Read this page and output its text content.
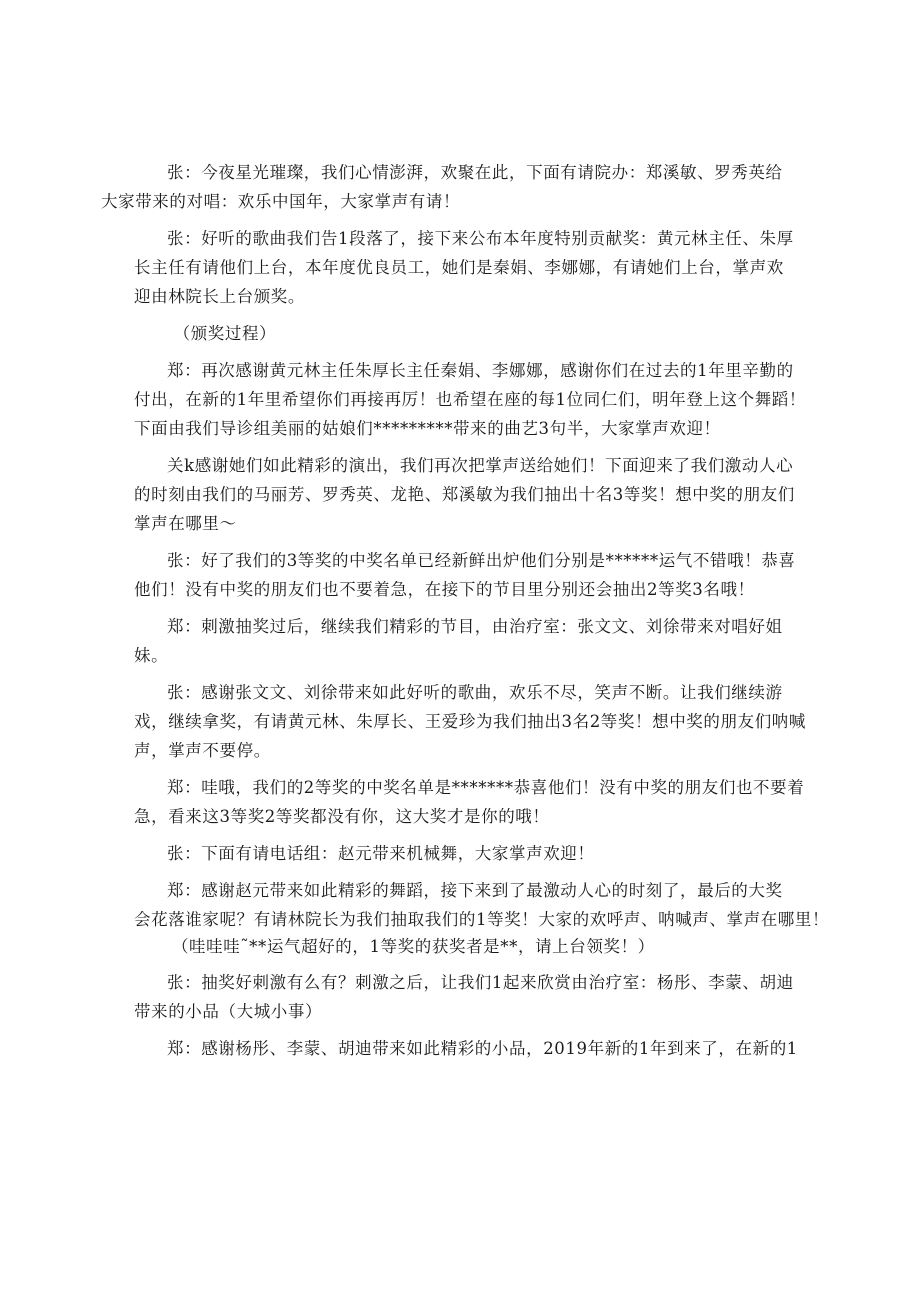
张：今夜星光璀璨，我们心情澎湃，欢聚在此，下面有请院办：郑溪敏、罗秀英给
大家带来的对唱：欢乐中国年，大家掌声有请！
张：好听的歌曲我们告1段落了，接下来公布本年度特别贡献奖：黄元林主任、朱厚
长主任有请他们上台，本年度优良员工，她们是秦娟、李娜娜，有请她们上台，掌声欢
迎由林院长上台颁奖。
（颁奖过程）
郑：再次感谢黄元林主任朱厚长主任秦娟、李娜娜，感谢你们在过去的1年里辛勤的
付出，在新的1年里希望你们再接再厉！也希望在座的每1位同仁们，明年登上这个舞蹈！
下面由我们导诊组美丽的姑娘们*********带来的曲艺3句半，大家掌声欢迎！
关k感谢她们如此精彩的演出，我们再次把掌声送给她们！下面迎来了我们激动人心
的时刻由我们的马丽芳、罗秀英、龙艳、郑溪敏为我们抽出十名3等奖！想中奖的朋友们
掌声在哪里～
张：好了我们的3等奖的中奖名单已经新鲜出炉他们分别是******运气不错哦！恭喜
他们！没有中奖的朋友们也不要着急，在接下的节目里分别还会抽出2等奖3名哦！
郑：刺激抽奖过后，继续我们精彩的节目，由治疗室：张文文、刘徐带来对唱好姐
妹。
张：感谢张文文、刘徐带来如此好听的歌曲，欢乐不尽，笑声不断。让我们继续游
戏，继续拿奖，有请黄元林、朱厚长、王爱珍为我们抽出3名2等奖！想中奖的朋友们呐喊
声，掌声不要停。
郑：哇哦，我们的2等奖的中奖名单是*******恭喜他们！没有中奖的朋友们也不要着
急，看来这3等奖2等奖都没有你，这大奖才是你的哦！
张：下面有请电话组：赵元带来机械舞，大家掌声欢迎！
郑：感谢赵元带来如此精彩的舞蹈，接下来到了最激动人心的时刻了，最后的大奖
会花落谁家呢？有请林院长为我们抽取我们的1等奖！大家的欢呼声、呐喊声、掌声在哪里！
（哇哇哇˜**运气超好的，1等奖的获奖者是**，请上台领奖！）
张：抽奖好刺激有么有？刺激之后，让我们1起来欣赏由治疗室：杨彤、李蒙、胡迪
带来的小品（大城小事）
郑：感谢杨彤、李蒙、胡迪带来如此精彩的小品，2019年新的1年到来了，在新的1
